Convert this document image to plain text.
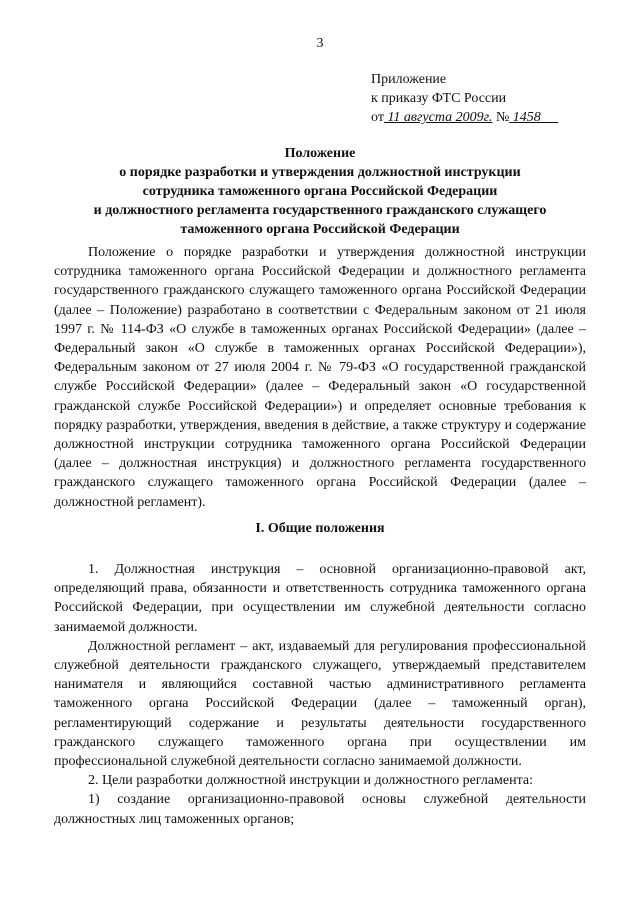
3
Приложение
к приказу ФТС России
от 11 августа 2009г. № 1458
Положение
о порядке разработки и утверждения должностной инструкции
сотрудника таможенного органа Российской Федерации
и должностного регламента государственного гражданского служащего
таможенного органа Российской Федерации

Положение о порядке разработки и утверждения должностной инструкции сотрудника таможенного органа Российской Федерации и должностного регламента государственного гражданского служащего таможенного органа Российской Федерации (далее – Положение) разработано в соответствии с Федеральным законом от 21 июля 1997 г. № 114-ФЗ «О службе в таможенных органах Российской Федерации» (далее – Федеральный закон «О службе в таможенных органах Российской Федерации»), Федеральным законом от 27 июля 2004 г. № 79-ФЗ «О государственной гражданской службе Российской Федерации» (далее – Федеральный закон «О государственной гражданской службе Российской Федерации») и определяет основные требования к порядку разработки, утверждения, введения в действие, а также структуру и содержание должностной инструкции сотрудника таможенного органа Российской Федерации (далее – должностная инструкция) и должностного регламента государственного гражданского служащего таможенного органа Российской Федерации (далее – должностной регламент).

I. Общие положения

1. Должностная инструкция – основной организационно-правовой акт, определяющий права, обязанности и ответственность сотрудника таможенного органа Российской Федерации, при осуществлении им служебной деятельности согласно занимаемой должности.

Должностной регламент – акт, издаваемый для регулирования профессиональной служебной деятельности гражданского служащего, утверждаемый представителем нанимателя и являющийся составной частью административного регламента таможенного органа Российской Федерации (далее – таможенный орган), регламентирующий содержание и результаты деятельности государственного гражданского служащего таможенного органа при осуществлении им профессиональной служебной деятельности согласно занимаемой должности.

2. Цели разработки должностной инструкции и должностного регламента:

1) создание организационно-правовой основы служебной деятельности должностных лиц таможенных органов;
